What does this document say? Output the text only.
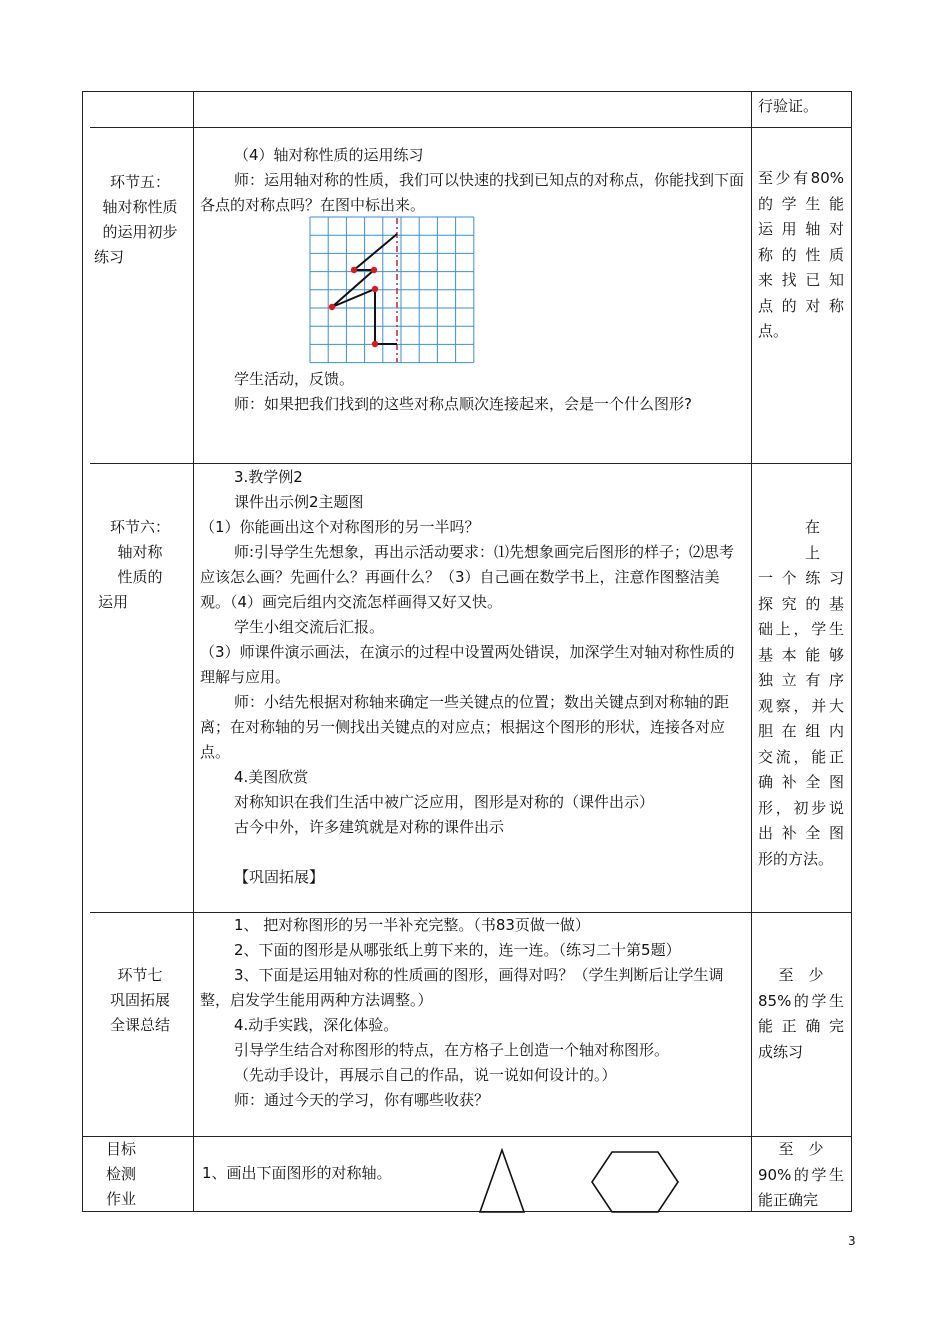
行验证。

环节五：

轴对称性质

的运用初步

练习

（4）轴对称性质的运用练习

师：运用轴对称的性质，我们可以快速的找到已知点的对称点，你能找到下面各点的对称点吗？在图中标出来。

学生活动，反馈。

师：如果把我们找到的这些对称点顺次连接起来，会是一个什么图形?

至少有80%

的学生能

运用轴对

称的性质

来找已知

点的对称

点。

环节六：

轴对称

性质的

运用

3.教学例2

课件出示例2主题图

（1）你能画出这个对称图形的另一半吗？

师:引导学生先想象，再出示活动要求：⑴先想象画完后图形的样子；⑵思考应该怎么画？先画什么？再画什么？（3）自己画在数学书上，注意作图整洁美观。（4）画完后组内交流怎样画得又好又快。

学生小组交流后汇报。

（3）师课件演示画法，在演示的过程中设置两处错误，加深学生对轴对称性质的理解与应用。

师：小结先根据对称轴来确定一些关键点的位置；数出关键点到对称轴的距离；在对称轴的另一侧找出关键点的对应点；根据这个图形的形状，连接各对应点。

4.美图欣赏

对称知识在我们生活中被广泛应用，图形是对称的（课件出示）

古今中外，许多建筑就是对称的课件出示

【巩固拓展】

在 上

一个练习

探究的基

础上，学生

基本能够

独立有序

观察，并大

胆在组内

交流，能正

确补全图

形，初步说

出补全图

形的方法。

环节七

巩固拓展

全课总结

1、 把对称图形的另一半补充完整。（书83页做一做）

2、下面的图形是从哪张纸上剪下来的，连一连。（练习二十第5题）

3、下面是运用轴对称的性质画的图形，画得对吗？（学生判断后让学生调整，启发学生能用两种方法调整。）

4.动手实践，深化体验。

引导学生结合对称图形的特点，在方格子上创造一个轴对称图形。

（先动手设计，再展示自己的作品，说一说如何设计的。）

师：通过今天的学习，你有哪些收获？

至　少

85%的学生

能正确完

成练习

目标

检测

作业

1、画出下面图形的对称轴。

至　少

90%的学生

能正确完

3
